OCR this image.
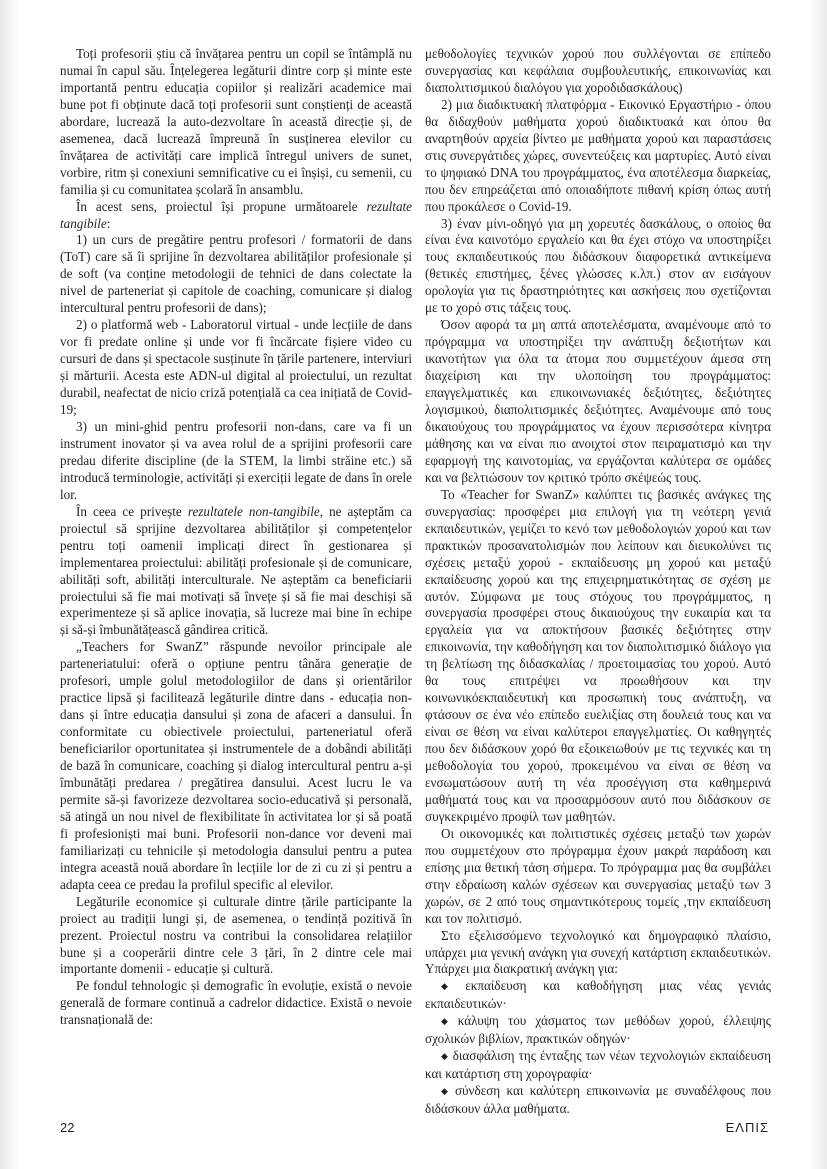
Toți profesorii știu că învățarea pentru un copil se întâmplă nu numai în capul său. Înțelegerea legăturii dintre corp și minte este importantă pentru educația copiilor și realizări academice mai bune pot fi obținute dacă toți profesorii sunt conștienți de această abordare, lucrează la auto-dezvoltare în această direcție și, de asemenea, dacă lucrează împreună în susținerea elevilor cu învățarea de activități care implică întregul univers de sunet, vorbire, ritm și conexiuni semnificative cu ei înșiși, cu semenii, cu familia și cu comunitatea școlară în ansamblu.

În acest sens, proiectul își propune următoarele rezultate tangibile:

1) un curs de pregătire pentru profesori / formatorii de dans (ToT) care să îi sprijine în dezvoltarea abilităților profesionale și de soft (va conține metodologii de tehnici de dans colectate la nivel de parteneriat și capitole de coaching, comunicare și dialog intercultural pentru profesorii de dans);

2) o platformă web - Laboratorul virtual - unde lecțiile de dans vor fi predate online și unde vor fi încărcate fișiere video cu cursuri de dans și spectacole susținute în țările partenere, interviuri și mărturii. Acesta este ADN-ul digital al proiectului, un rezultat durabil, neafectat de nicio criză potențială ca cea inițiată de Covid-19;

3) un mini-ghid pentru profesorii non-dans, care va fi un instrument inovator și va avea rolul de a sprijini profesorii care predau diferite discipline (de la STEM, la limbi străine etc.) să introducă terminologie, activități și exerciții legate de dans în orele lor.

În ceea ce privește rezultatele non-tangibile, ne așteptăm ca proiectul să sprijine dezvoltarea abilităților și competențelor pentru toți oamenii implicați direct în gestionarea și implementarea proiectului: abilități profesionale și de comunicare, abilități soft, abilități interculturale. Ne așteptăm ca beneficiarii proiectului să fie mai motivați să învețe și să fie mai deschiși să experimenteze și să aplice inovația, să lucreze mai bine în echipe și să-și îmbunătățească gândirea critică.

„Teachers for SwanZ” răspunde nevoilor principale ale parteneriatului: oferă o opțiune pentru tânăra generație de profesori, umple golul metodologiilor de dans și orientărilor practice lipsă și facilitează legăturile dintre dans - educația non-dans și între educația dansului și zona de afaceri a dansului. În conformitate cu obiectivele proiectului, parteneriatul oferă beneficiarilor oportunitatea și instrumentele de a dobândi abilități de bază în comunicare, coaching și dialog intercultural pentru a-și îmbunătăți predarea / pregătirea dansului. Acest lucru le va permite să-și favorizeze dezvoltarea socio-educativă și personală, să atingă un nou nivel de flexibilitate în activitatea lor și să poată fi profesioniști mai buni. Profesorii non-dance vor deveni mai familiarizați cu tehnicile și metodologia dansului pentru a putea integra această nouă abordare în lecțiile lor de zi cu zi și pentru a adapta ceea ce predau la profilul specific al elevilor.

Legăturile economice și culturale dintre țările participante la proiect au tradiții lungi și, de asemenea, o tendință pozitivă în prezent. Proiectul nostru va contribui la consolidarea relațiilor bune și a cooperării dintre cele 3 țări, în 2 dintre cele mai importante domenii - educație și cultură.

Pe fondul tehnologic și demografic în evoluție, există o nevoie generală de formare continuă a cadrelor didactice. Există o nevoie transnațională de:

μεθοδολογίες τεχνικών χορού που συλλέγονται σε επίπεδο συνεργασίας και κεφάλαια συμβουλευτικής, επικοινωνίας και διαπολιτισμικού διαλόγου για χοροδιδασκάλους)

2) μια διαδικτυακή πλατφόρμα - Εικονικό Εργαστήριο - όπου θα διδαχθούν μαθήματα χορού διαδικτυακά και όπου θα αναρτηθούν αρχεία βίντεο με μαθήματα χορού και παραστάσεις στις συνεργάτιδες χώρες, συνεντεύξεις και μαρτυρίες. Αυτό είναι το ψηφιακό DNA του προγράμματος, ένα αποτέλεσμα διαρκείας, που δεν επηρεάζεται από οποιαδήποτε πιθανή κρίση όπως αυτή που προκάλεσε ο Covid-19.

3) έναν μίνι-οδηγό για μη χορευτές δασκάλους, ο οποίος θα είναι ένα καινοτόμο εργαλείο και θα έχει στόχο να υποστηρίξει τους εκπαιδευτικούς που διδάσκουν διαφορετικά αντικείμενα (θετικές επιστήμες, ξένες γλώσσες κ.λπ.) στον αν εισάγουν ορολογία για τις δραστηριότητες και ασκήσεις που σχετίζονται με το χορό στις τάξεις τους.

Όσον αφορά τα μη απτά αποτελέσματα, αναμένουμε από το πρόγραμμα να υποστηρίξει την ανάπτυξη δεξιοτήτων και ικανοτήτων για όλα τα άτομα που συμμετέχουν άμεσα στη διαχείριση και την υλοποίηση του προγράμματος: επαγγελματικές και επικοινωνιακές δεξιότητες, δεξιότητες λογισμικού, διαπολιτισμικές δεξιότητες. Αναμένουμε από τους δικαιούχους του προγράμματος να έχουν περισσότερα κίνητρα μάθησης και να είναι πιο ανοιχτοί στον πειραματισμό και την εφαρμογή της καινοτομίας, να εργάζονται καλύτερα σε ομάδες και να βελτιώσουν τον κριτικό τρόπο σκέψεώς τους.

Το «Teacher for SwanZ» καλύπτει τις βασικές ανάγκες της συνεργασίας: προσφέρει μια επιλογή για τη νεότερη γενιά εκπαιδευτικών, γεμίζει το κενό των μεθοδολογιών χορού και των πρακτικών προσανατολισμών που λείπουν και διευκολύνει τις σχέσεις μεταξύ χορού - εκπαίδευσης μη χορού και μεταξύ εκπαίδευσης χορού και της επιχειρηματικότητας σε σχέση με αυτόν. Σύμφωνα με τους στόχους του προγράμματος, η συνεργασία προσφέρει στους δικαιούχους την ευκαιρία και τα εργαλεία για να αποκτήσουν βασικές δεξιότητες στην επικοινωνία, την καθοδήγηση και τον διαπολιτισμικό διάλογο για τη βελτίωση της διδασκαλίας / προετοιμασίας του χορού. Αυτό θα τους επιτρέψει να προωθήσουν και την κοινωνικόεκπαιδευτική και προσωπική τους ανάπτυξη, να φτάσουν σε ένα νέο επίπεδο ευελιξίας στη δουλειά τους και να είναι σε θέση να είναι καλύτεροι επαγγελματίες. Οι καθηγητές που δεν διδάσκουν χορό θα εξοικειωθούν με τις τεχνικές και τη μεθοδολογία του χορού, προκειμένου να είναι σε θέση να ενσωματώσουν αυτή τη νέα προσέγγιση στα καθημερινά μαθήματά τους και να προσαρμόσουν αυτό που διδάσκουν σε συγκεκριμένο προφίλ των μαθητών.

Οι οικονομικές και πολιτιστικές σχέσεις μεταξύ των χωρών που συμμετέχουν στο πρόγραμμα έχουν μακρά παράδοση και επίσης μια θετική τάση σήμερα. Το πρόγραμμα μας θα συμβάλει στην εδραίωση καλών σχέσεων και συνεργασίας μεταξύ των 3 χωρών, σε 2 από τους σημαντικότερους τομείς ,την εκπαίδευση και τον πολιτισμό.

Στο εξελισσόμενο τεχνολογικό και δημογραφικό πλαίσιο, υπάρχει μια γενική ανάγκη για συνεχή κατάρτιση εκπαιδευτικών. Υπάρχει μια διακρατική ανάγκη για:

◆ εκπαίδευση και καθοδήγηση μιας νέας γενιάς εκπαιδευτικών·

◆ κάλυψη του χάσματος των μεθόδων χορού, έλλειψης σχολικών βιβλίων, πρακτικών οδηγών·

◆ διασφάλιση της ένταξης των νέων τεχνολογιών εκπαίδευση και κατάρτιση στη χορογραφία·

◆ σύνδεση και καλύτερη επικοινωνία με συναδέλφους που διδάσκουν άλλα μαθήματα.

22	ΕΛΠΙΣ
